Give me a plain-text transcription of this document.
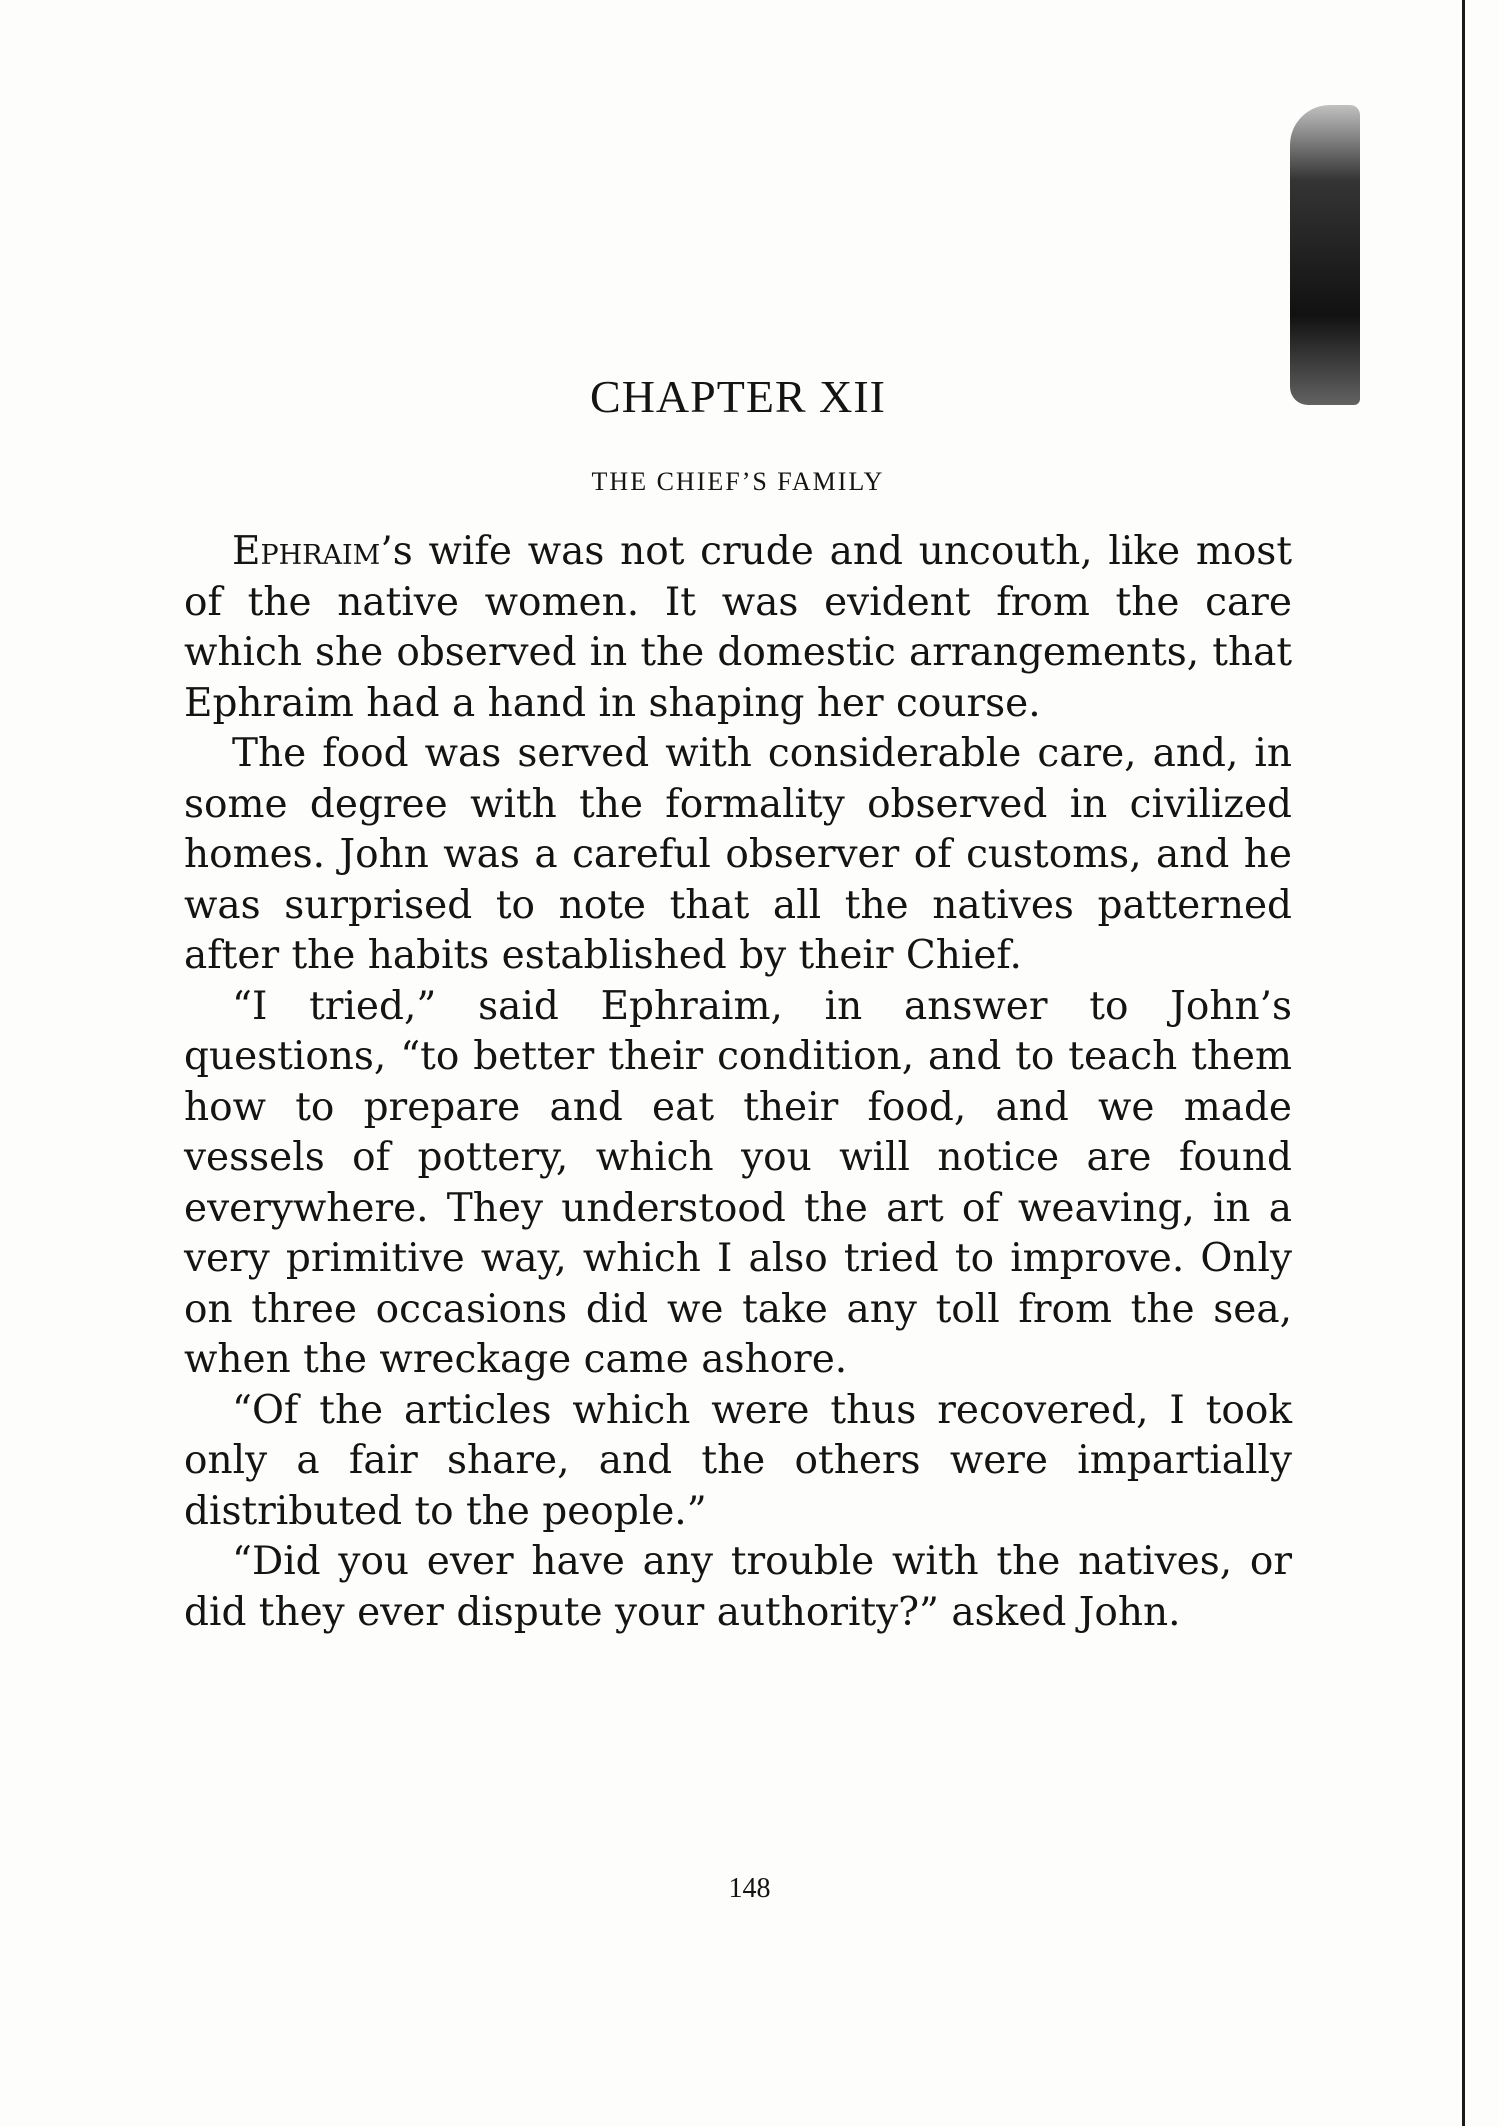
CHAPTER XII
THE CHIEF’S FAMILY

Ephraim’s wife was not crude and uncouth, like most of the native women. It was evident from the care which she observed in the domestic arrangements, that Ephraim had a hand in shaping her course.

The food was served with considerable care, and, in some degree with the formality observed in civilized homes. John was a careful observer of customs, and he was surprised to note that all the natives patterned after the habits established by their Chief.

“I tried,” said Ephraim, in answer to John’s questions, “to better their condition, and to teach them how to prepare and eat their food, and we made vessels of pottery, which you will notice are found everywhere. They understood the art of weaving, in a very primitive way, which I also tried to improve. Only on three occasions did we take any toll from the sea, when the wreckage came ashore.

“Of the articles which were thus recovered, I took only a fair share, and the others were impartially distributed to the people.”

“Did you ever have any trouble with the natives, or did they ever dispute your authority?” asked John.

148
